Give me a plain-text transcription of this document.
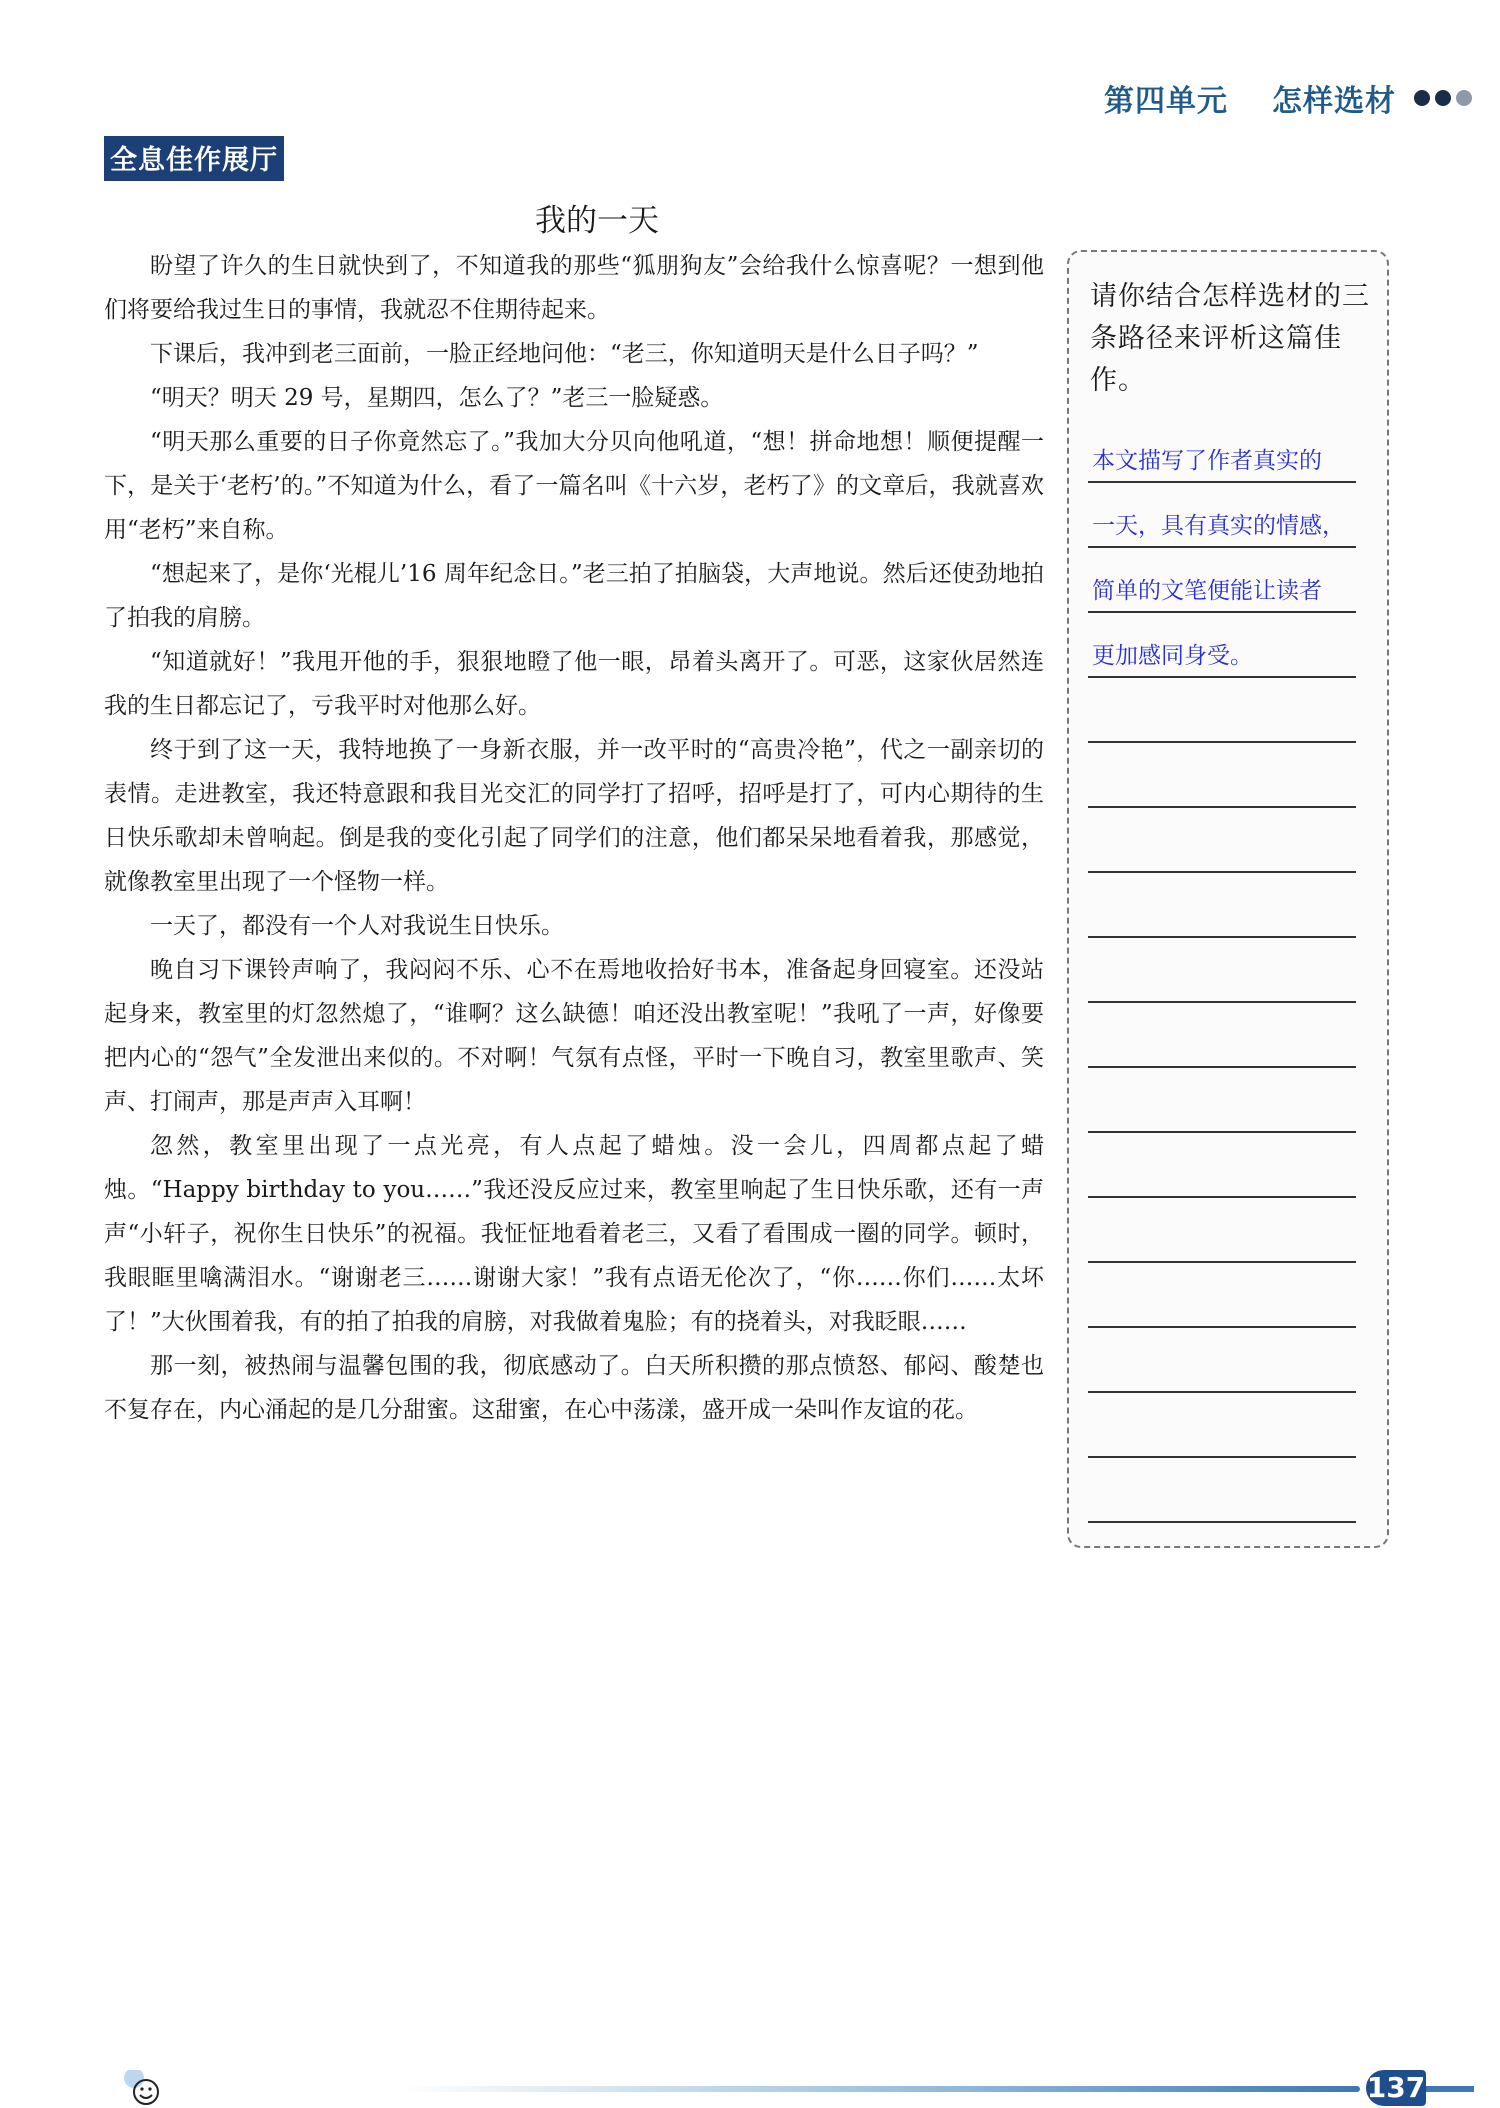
第四单元 怎样选材
全息佳作展厅
我的一天

盼望了许久的生日就快到了，不知道我的那些“狐朋狗友”会给我什么惊喜呢？一想到他们将要给我过生日的事情，我就忍不住期待起来。

下课后，我冲到老三面前，一脸正经地问他：“老三，你知道明天是什么日子吗？”

“明天？明天 29 号，星期四，怎么了？”老三一脸疑惑。

“明天那么重要的日子你竟然忘了。”我加大分贝向他吼道，“想！拼命地想！顺便提醒一下，是关于‘老朽’的。”不知道为什么，看了一篇名叫《十六岁，老朽了》的文章后，我就喜欢用“老朽”来自称。

“想起来了，是你‘光棍儿’16 周年纪念日。”老三拍了拍脑袋，大声地说。然后还使劲地拍了拍我的肩膀。

“知道就好！”我甩开他的手，狠狠地瞪了他一眼，昂着头离开了。可恶，这家伙居然连我的生日都忘记了，亏我平时对他那么好。

终于到了这一天，我特地换了一身新衣服，并一改平时的“高贵冷艳”，代之一副亲切的表情。走进教室，我还特意跟和我目光交汇的同学打了招呼，招呼是打了，可内心期待的生日快乐歌却未曾响起。倒是我的变化引起了同学们的注意，他们都呆呆地看着我，那感觉，就像教室里出现了一个怪物一样。

一天了，都没有一个人对我说生日快乐。

晚自习下课铃声响了，我闷闷不乐、心不在焉地收拾好书本，准备起身回寝室。还没站起身来，教室里的灯忽然熄了，“谁啊？这么缺德！咱还没出教室呢！”我吼了一声，好像要把内心的“怨气”全发泄出来似的。不对啊！气氛有点怪，平时一下晚自习，教室里歌声、笑声、打闹声，那是声声入耳啊！

忽然，教室里出现了一点光亮，有人点起了蜡烛。没一会儿，四周都点起了蜡烛。“Happy birthday to you……”我还没反应过来，教室里响起了生日快乐歌，还有一声声“小轩子，祝你生日快乐”的祝福。我怔怔地看着老三，又看了看围成一圈的同学。顿时，我眼眶里噙满泪水。“谢谢老三……谢谢大家！”我有点语无伦次了，“你……你们……太坏了！”大伙围着我，有的拍了拍我的肩膀，对我做着鬼脸；有的挠着头，对我眨眼……

那一刻，被热闹与温馨包围的我，彻底感动了。白天所积攒的那点愤怒、郁闷、酸楚也不复存在，内心涌起的是几分甜蜜。这甜蜜，在心中荡漾，盛开成一朵叫作友谊的花。

请你结合怎样选材的三条路径来评析这篇佳作。
本文描写了作者真实的
一天，具有真实的情感，
简单的文笔便能让读者
更加感同身受。
137
